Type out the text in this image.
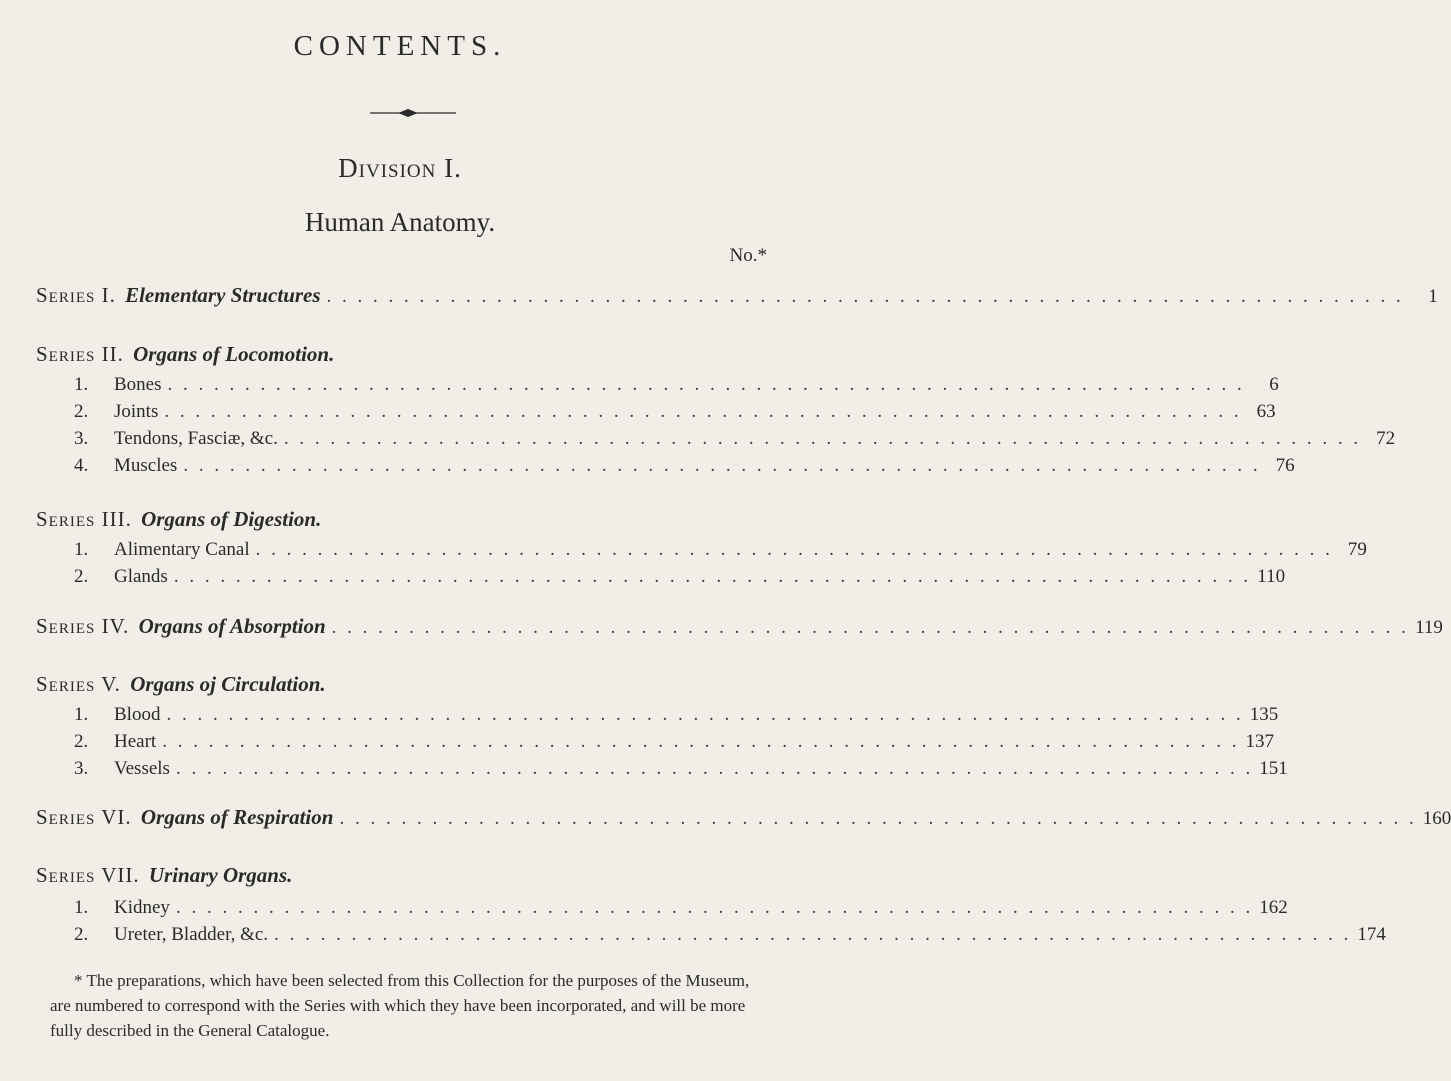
CONTENTS.
Division I.
Human Anatomy.
No.*
Series I. Elementary Structures . . . . . . . . . . . . . . . . . . . . . . . . . . . . . . . . . . . . . . . . . . . . . . . . . . . . . . . . . . . . . . . . . . . . . .	1
Series II. Organs of Locomotion.
1.	Bones . . . . . . . . . . . . . . . . . . . . . . . . . . . . . . . . . . . . . . . . . . . . . . . . . . . . . . . . . . . . . . . . . . . . . .	6
2.	Joints . . . . . . . . . . . . . . . . . . . . . . . . . . . . . . . . . . . . . . . . . . . . . . . . . . . . . . . . . . . . . . . . . . . . . . 63
3.	Tendons, Fasciæ, &c. . . . . . . . . . . . . . . . . . . . . . . . . . . . . . . . . . . . . . . . . . . . . . . . . . . . . . . . . . . . . . . . . . . . . . . 72
4.	Muscles . . . . . . . . . . . . . . . . . . . . . . . . . . . . . . . . . . . . . . . . . . . . . . . . . . . . . . . . . . . . . . . . . . . . . . 76
Series III. Organs of Digestion.
1.	Alimentary Canal . . . . . . . . . . . . . . . . . . . . . . . . . . . . . . . . . . . . . . . . . . . . . . . . . . . . . . . . . . . . . . . . . . . . . . 79
2.	Glands . . . . . . . . . . . . . . . . . . . . . . . . . . . . . . . . . . . . . . . . . . . . . . . . . . . . . . . . . . . . . . . . . . . . . . 110
Series IV. Organs of Absorption . . . . . . . . . . . . . . . . . . . . . . . . . . . . . . . . . . . . . . . . . . . . . . . . . . . . . . . . . . . . . . . . . . . . . . 119
Series V. Organs oj Circulation.
1.	Blood . . . . . . . . . . . . . . . . . . . . . . . . . . . . . . . . . . . . . . . . . . . . . . . . . . . . . . . . . . . . . . . . . . . . . . 135
2.	Heart . . . . . . . . . . . . . . . . . . . . . . . . . . . . . . . . . . . . . . . . . . . . . . . . . . . . . . . . . . . . . . . . . . . . . . 137
3.	Vessels . . . . . . . . . . . . . . . . . . . . . . . . . . . . . . . . . . . . . . . . . . . . . . . . . . . . . . . . . . . . . . . . . . . . . . 151
Series VI. Organs of Respiration . . . . . . . . . . . . . . . . . . . . . . . . . . . . . . . . . . . . . . . . . . . . . . . . . . . . . . . . . . . . . . . . . . . . . . 160
Series VII. Urinary Organs.
1.	Kidney . . . . . . . . . . . . . . . . . . . . . . . . . . . . . . . . . . . . . . . . . . . . . . . . . . . . . . . . . . . . . . . . . . . . . . 162
2.	Ureter, Bladder, &c. . . . . . . . . . . . . . . . . . . . . . . . . . . . . . . . . . . . . . . . . . . . . . . . . . . . . . . . . . . . . . . . . . . . . . . 174
* The preparations, which have been selected from this Collection for the purposes of the Museum, are numbered to correspond with the Series with which they have been incorporated, and will be more fully described in the General Catalogue.
